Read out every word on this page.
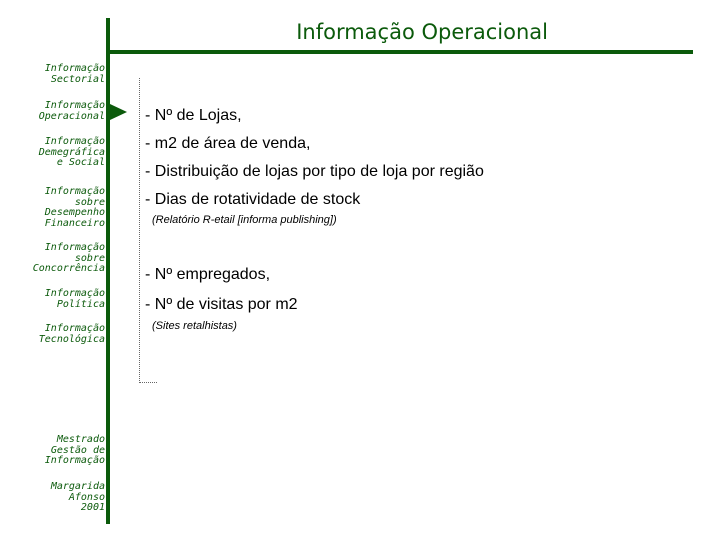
Informação Operacional
Informação
Sectorial
Informação
Operacional
Informação
Demegráfica
e Social
Informação
sobre
Desempenho
Financeiro
Informação
sobre
Concorrência
Informação
Política
Informação
Tecnológica
Mestrado
Gestão de
Informação
Margarida
Afonso
2001
- Nº de Lojas,
- m2 de área de venda,
- Distribuição de lojas por tipo de loja por região
- Dias de rotatividade de stock
(Relatório R-etail [informa publishing])
- Nº empregados,
- Nº de visitas por m2
(Sites retalhistas)
